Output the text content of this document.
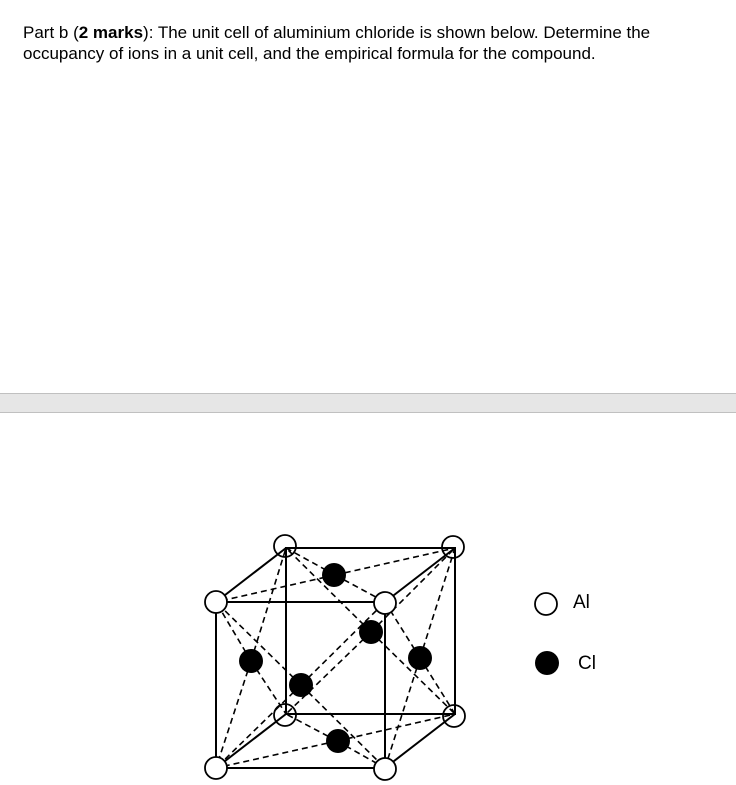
Part b (2 marks): The unit cell of aluminium chloride is shown below. Determine the occupancy of ions in a unit cell, and the empirical formula for the compound.
Al
Cl
